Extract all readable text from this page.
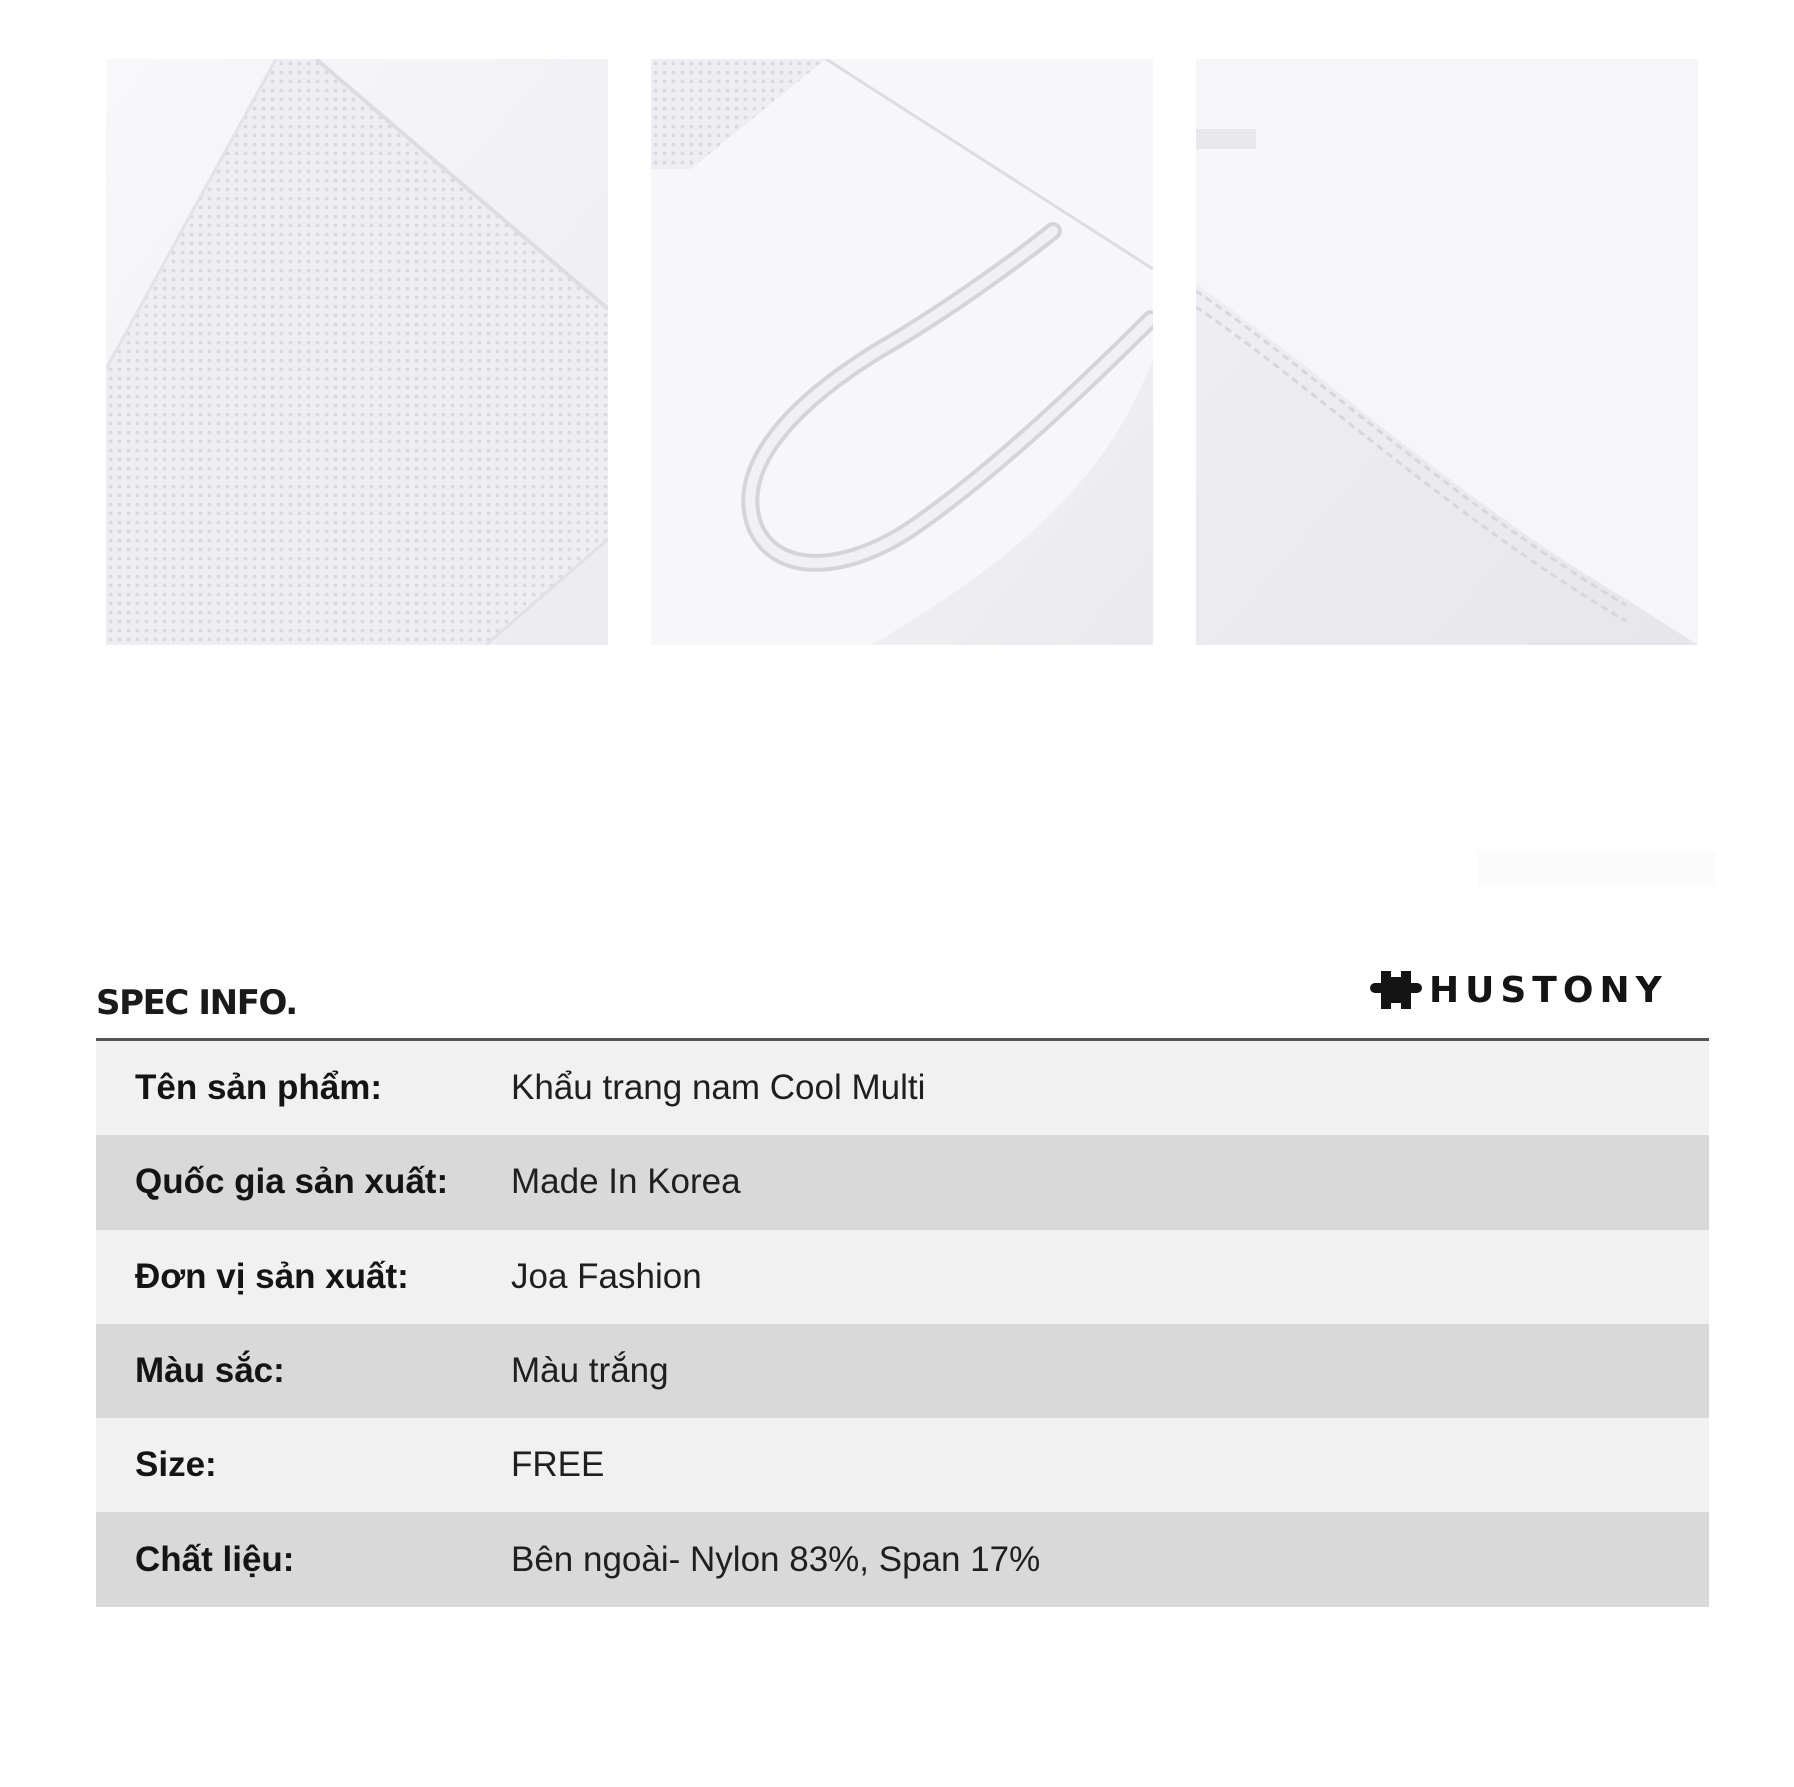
SPEC INFO.	HUSTONY
Tên sản phẩm:	Khẩu trang nam Cool Multi
Quốc gia sản xuất:	Made In Korea
Đơn vị sản xuất:	Joa Fashion
Màu sắc:	Màu trắng
Size:	FREE
Chất liệu:	Bên ngoài- Nylon 83%, Span 17%
